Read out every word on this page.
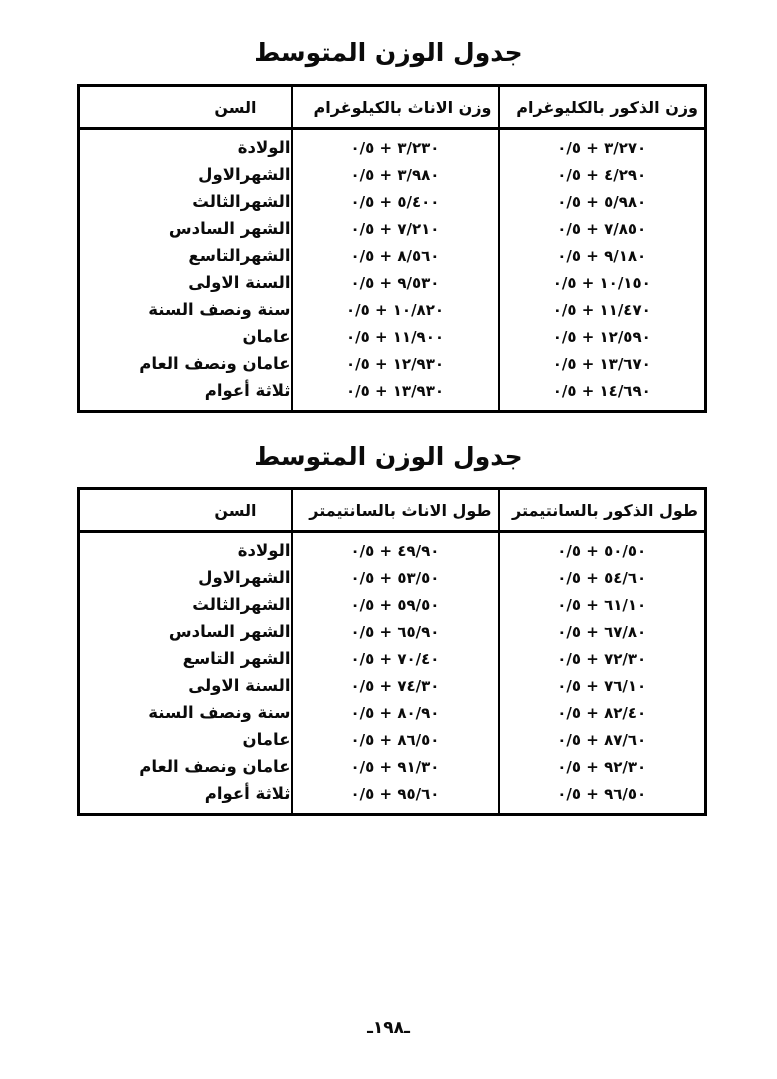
جدول الوزن المتوسط
وزن الذكور بالكليوغرام	وزن الاناث بالكيلوغرام	السن
٣/٢٧٠ + ٠/٥	٣/٢٣٠ + ٠/٥	الولادة
٤/٢٩٠ + ٠/٥	٣/٩٨٠ + ٠/٥	الشهرالاول
٥/٩٨٠ + ٠/٥	٥/٤٠٠ + ٠/٥	الشهرالثالث
٧/٨٥٠ + ٠/٥	٧/٢١٠ + ٠/٥	الشهر السادس
٩/١٨٠ + ٠/٥	٨/٥٦٠ + ٠/٥	الشهرالتاسع
١٠/١٥٠ + ٠/٥	٩/٥٣٠ + ٠/٥	السنة الاولى
١١/٤٧٠ + ٠/٥	١٠/٨٢٠ + ٠/٥	سنة ونصف السنة
١٢/٥٩٠ + ٠/٥	١١/٩٠٠ + ٠/٥	عامان
١٣/٦٧٠ + ٠/٥	١٢/٩٣٠ + ٠/٥	عامان ونصف العام
١٤/٦٩٠ + ٠/٥	١٣/٩٣٠ + ٠/٥	ثلاثة أعوام
جدول الوزن المتوسط
طول الذكور بالسانتيمتر	طول الاناث بالسانتيمتر	السن
٥٠/٥٠ + ٠/٥	٤٩/٩٠ + ٠/٥	الولادة
٥٤/٦٠ + ٠/٥	٥٣/٥٠ + ٠/٥	الشهرالاول
٦١/١٠ + ٠/٥	٥٩/٥٠ + ٠/٥	الشهرالثالث
٦٧/٨٠ + ٠/٥	٦٥/٩٠ + ٠/٥	الشهر السادس
٧٢/٣٠ + ٠/٥	٧٠/٤٠ + ٠/٥	الشهر التاسع
٧٦/١٠ + ٠/٥	٧٤/٣٠ + ٠/٥	السنة الاولى
٨٢/٤٠ + ٠/٥	٨٠/٩٠ + ٠/٥	سنة ونصف السنة
٨٧/٦٠ + ٠/٥	٨٦/٥٠ + ٠/٥	عامان
٩٢/٣٠ + ٠/٥	٩١/٣٠ + ٠/٥	عامان ونصف العام
٩٦/٥٠ + ٠/٥	٩٥/٦٠ + ٠/٥	ثلاثة أعوام
ـ١٩٨ـ
